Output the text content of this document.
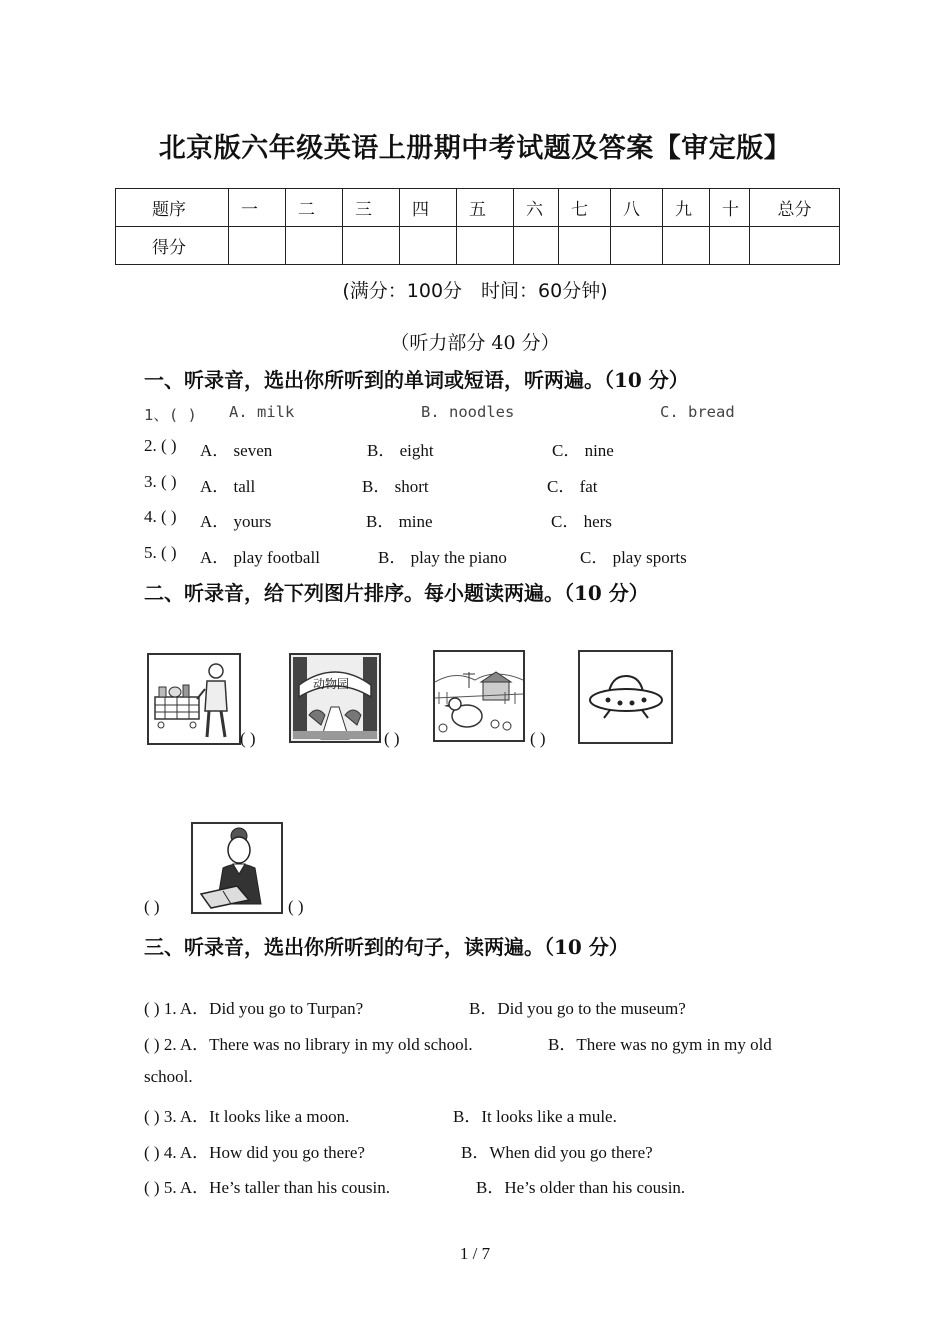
北京版六年级英语上册期中考试题及答案【审定版】
题序	一	二	三	四	五	六	七	八	九	十	总分
得分											
(满分：100分　时间：60分钟)
（听力部分 40 分）
一、听录音，选出你所听到的单词或短语，听两遍。（10 分）
1、( ) A. milk	B. noodles	C. bread
2. ( ) A． seven	B． eight	C． nine
3. ( ) A． tall	B． short	C． fat
4. ( ) A． yours	B． mine	C． hers
5. ( ) A． play football	B． play the piano	C． play sports
二、听录音，给下列图片排序。每小题读两遍。（10 分）
( )
动物园
( )	( )
( )	( )
三、听录音，选出你所听到的句子，读两遍。（10 分）
( ) 1. A．Did you go to Turpan?	B．Did you go to the museum?
( ) 2. A．There was no library in my old school.	B．There was no gym in my old
school.
( ) 3. A．It looks like a moon.	B．It looks like a mule.
( ) 4. A．How did you go there?	B．When did you go there?
( ) 5. A．He’s taller than his cousin.	B．He’s older than his cousin.
1 / 7
